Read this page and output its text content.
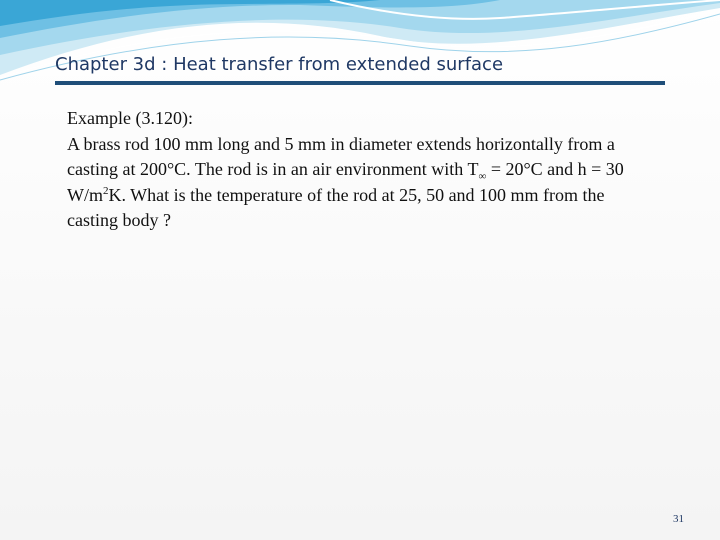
Chapter 3d : Heat transfer from extended surface

Example (3.120):

A brass rod 100 mm long and 5 mm in diameter extends horizontally from a casting at 200°C. The rod is in an air environment with $T_\infty = 20^\circ C$ and h = 30 $W/m^2K$. What is the temperature of the rod at 25, 50 and 100 mm from the casting body ?

31
